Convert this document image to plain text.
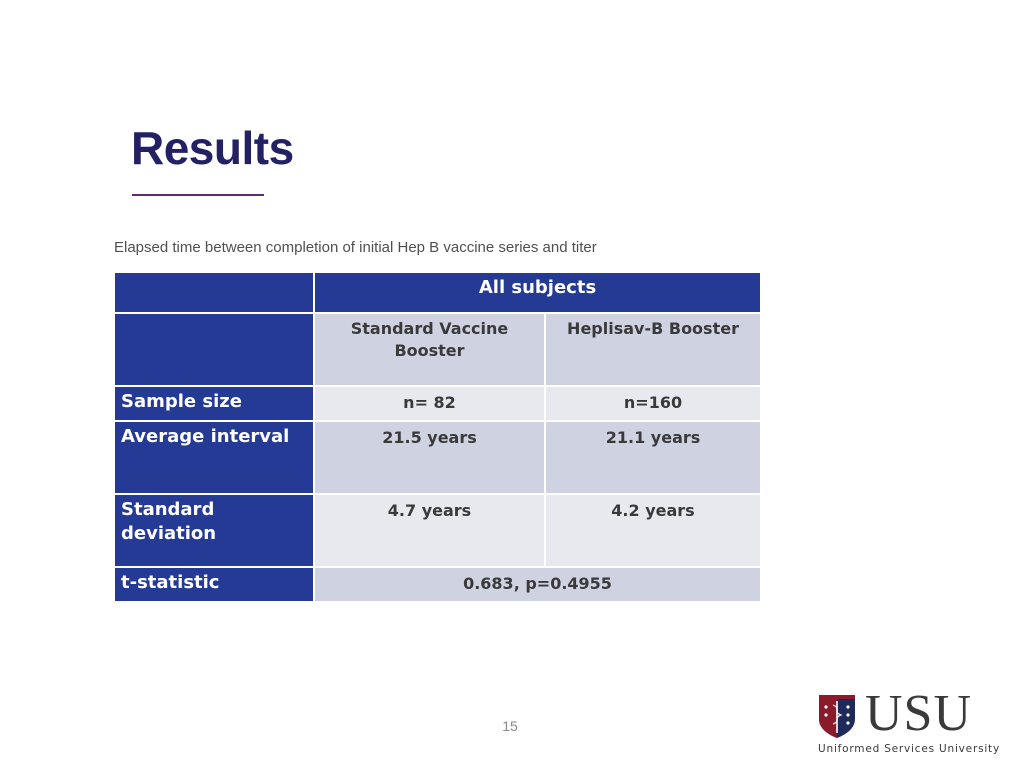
Results
Elapsed time between completion of initial Hep B vaccine series and titer
	All subjects	
	Standard Vaccine Booster	Heplisav-B Booster
Sample size	n= 82	n=160
Average interval	21.5 years	21.1 years
Standard deviation	4.7 years	4.2 years
t-statistic	0.683, p=0.4955	
15	USU
Uniformed Services University
